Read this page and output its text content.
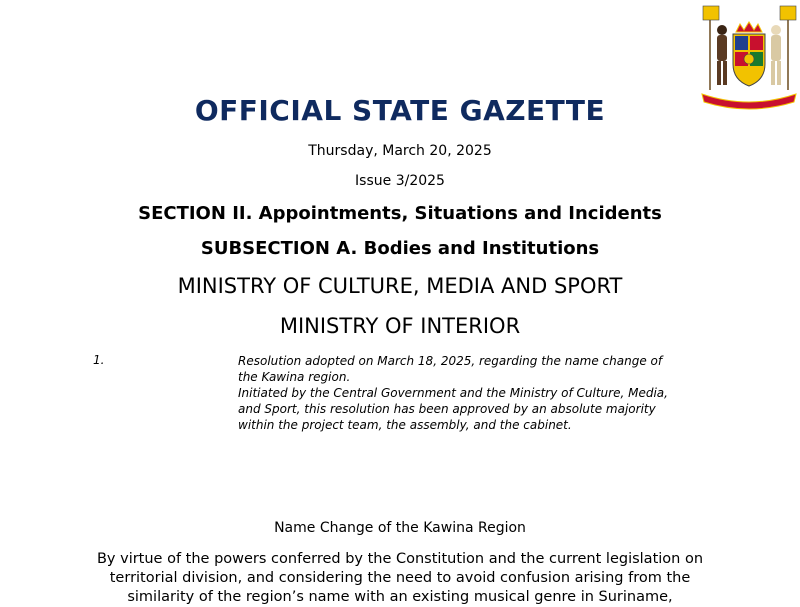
OFFICIAL STATE GAZETTE

Thursday, March 20, 2025

Issue 3/2025

SECTION II. Appointments, Situations and Incidents

SUBSECTION A. Bodies and Institutions

MINISTRY OF CULTURE, MEDIA AND SPORT

MINISTRY OF INTERIOR

1.	Resolution adopted on March 18, 2025, regarding the name change of the Kawina region.

Initiated by the Central Government and the Ministry of Culture, Media, and Sport, this resolution has been approved by an absolute majority within the project team, the assembly, and the cabinet.

Name Change of the Kawina Region

By virtue of the powers conferred by the Constitution and the current legislation on territorial division, and considering the need to avoid confusion arising from the similarity of the region’s name with an existing musical genre in Suriname,
